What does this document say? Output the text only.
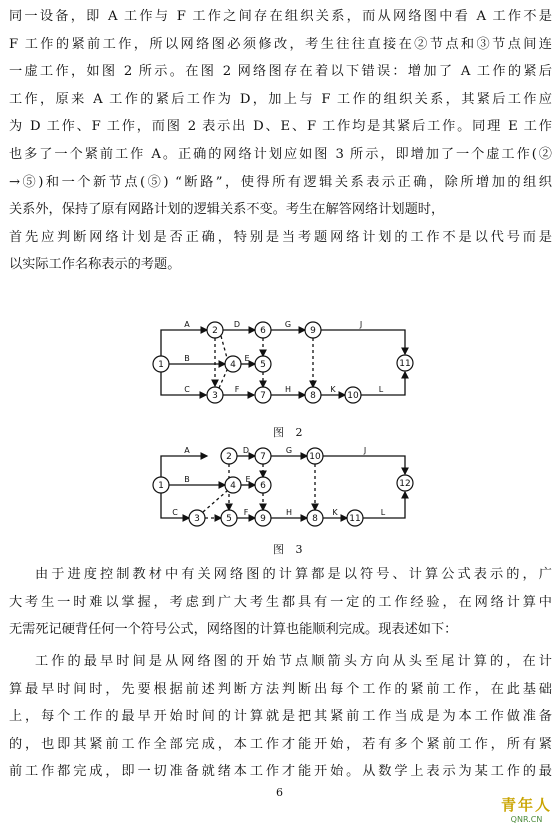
同一设备，即 A 工作与 F 工作之间存在组织关系，而从网络图中看 A 工作不是
F 工作的紧前工作，所以网络图必须修改，考生往往直接在②节点和③节点间连
一虚工作，如图 2 所示。在图 2 网络图存在着以下错误：增加了 A 工作的紧后
工作，原来 A 工作的紧后工作为 D，加上与 F 工作的组织关系，其紧后工作应
为 D 工作、F 工作，而图 2 表示出 D、E、F 工作均是其紧后工作。同理 E 工作
也多了一个紧前工作 A。正确的网络计划应如图 3 所示，即增加了一个虚工作(②
→⑤)和一个新节点(⑤) “断路”，使得所有逻辑关系表示正确，除所增加的组织
关系外，保持了原有网路计划的逻辑关系不变。考生在解答网络计划题时，
首先应判断网络计划是否正确，特别是当考题网络计划的工作不是以代号而是
以实际工作名称表示的考题。
1
2
3
4	5
6
7	8
9
10
11
A
B
C
D
E
F
G
H
J
K	L
图 2
1
2
3
4
5
6
7
8
9
10
11
12
A
B
C
D
E
F
G
H
J
K	L
图 3
由于进度控制教材中有关网络图的计算都是以符号、计算公式表示的，广
大考生一时难以掌握，考虑到广大考生都具有一定的工作经验，在网络计算中
无需死记硬背任何一个符号公式，网络图的计算也能顺利完成。现表述如下：
工作的最早时间是从网络图的开始节点顺箭头方向从头至尾计算的，在计
算最早时间时，先要根据前述判断方法判断出每个工作的紧前工作，在此基础
上，每个工作的最早开始时间的计算就是把其紧前工作当成是为本工作做准备
的，也即其紧前工作全部完成，本工作才能开始，若有多个紧前工作，所有紧
前工作都完成，即一切准备就绪本工作才能开始。从数学上表示为某工作的最
6
青年人
QNR.CN
